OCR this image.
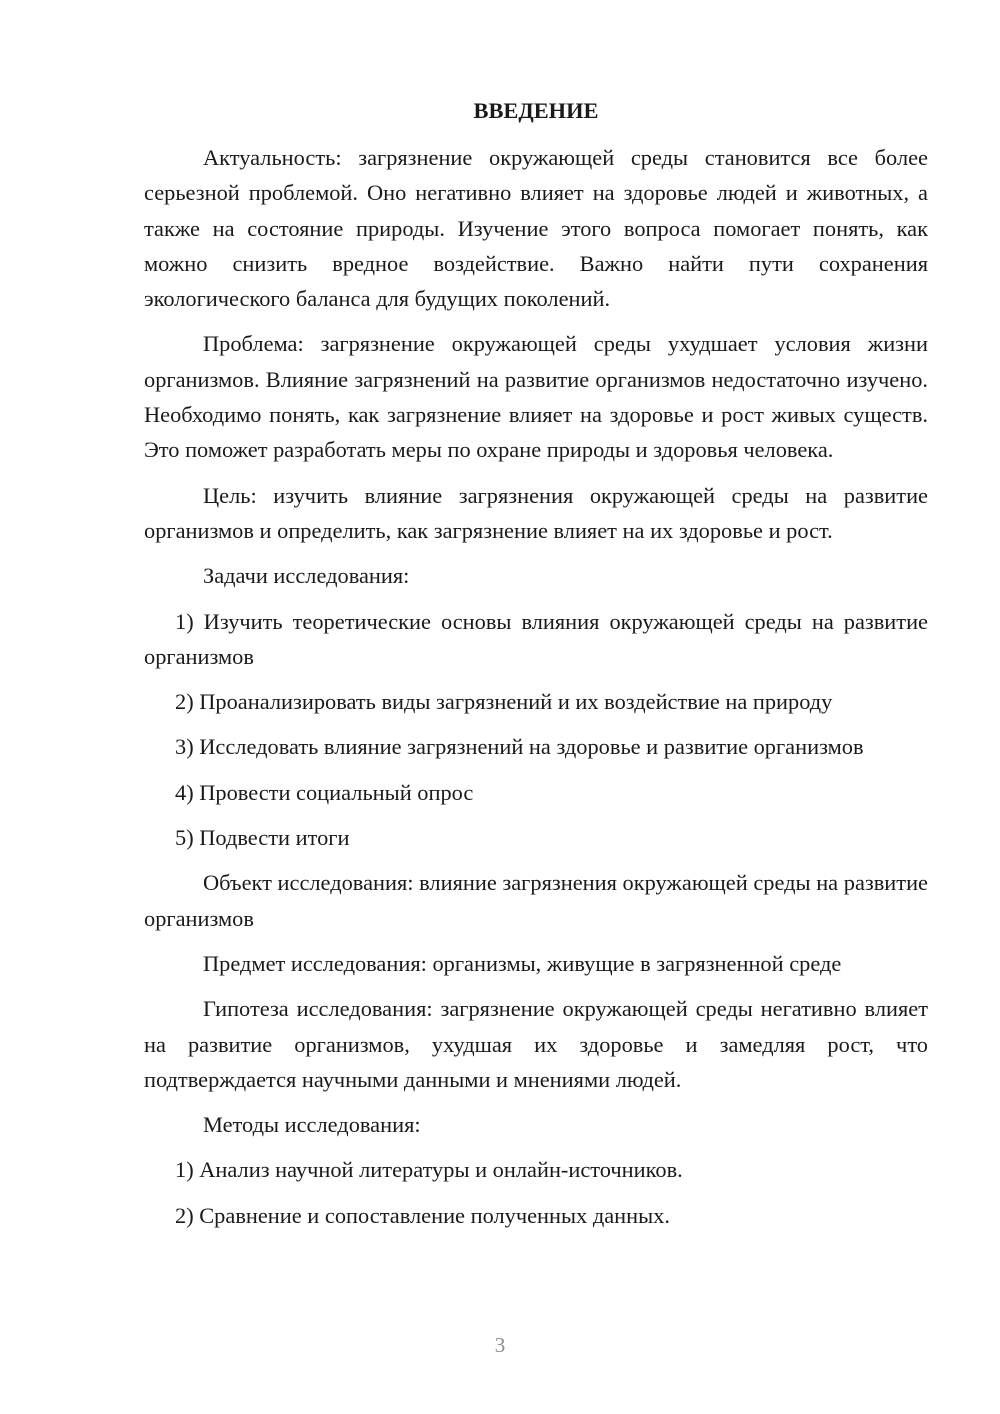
ВВЕДЕНИЕ

Актуальность: загрязнение окружающей среды становится все более серьезной проблемой. Оно негативно влияет на здоровье людей и животных, а также на состояние природы. Изучение этого вопроса помогает понять, как можно снизить вредное воздействие. Важно найти пути сохранения экологического баланса для будущих поколений.

Проблема: загрязнение окружающей среды ухудшает условия жизни организмов. Влияние загрязнений на развитие организмов недостаточно изучено. Необходимо понять, как загрязнение влияет на здоровье и рост живых существ. Это поможет разработать меры по охране природы и здоровья человека.

Цель: изучить влияние загрязнения окружающей среды на развитие организмов и определить, как загрязнение влияет на их здоровье и рост.

Задачи исследования:

1) Изучить теоретические основы влияния окружающей среды на развитие организмов

2) Проанализировать виды загрязнений и их воздействие на природу

3) Исследовать влияние загрязнений на здоровье и развитие организмов

4) Провести социальный опрос

5) Подвести итоги

Объект исследования: влияние загрязнения окружающей среды на развитие организмов

Предмет исследования: организмы, живущие в загрязненной среде

Гипотеза исследования: загрязнение окружающей среды негативно влияет на развитие организмов, ухудшая их здоровье и замедляя рост, что подтверждается научными данными и мнениями людей.

Методы исследования:

1) Анализ научной литературы и онлайн-источников.

2) Сравнение и сопоставление полученных данных.

3
